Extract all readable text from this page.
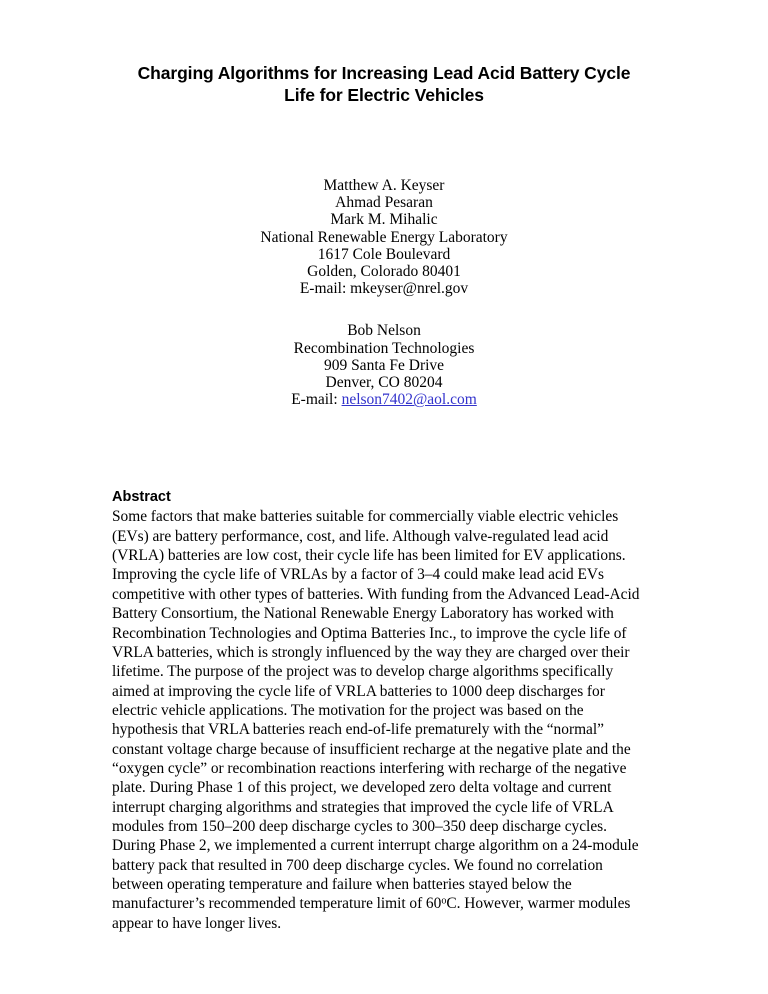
Charging Algorithms for Increasing Lead Acid Battery Cycle
Life for Electric Vehicles
Matthew A. Keyser
Ahmad Pesaran
Mark M. Mihalic
National Renewable Energy Laboratory
1617 Cole Boulevard
Golden, Colorado 80401
E-mail: mkeyser@nrel.gov
Bob Nelson
Recombination Technologies
909 Santa Fe Drive
Denver, CO 80204
E-mail: nelson7402@aol.com
Abstract

Some factors that make batteries suitable for commercially viable electric vehicles (EVs) are battery performance, cost, and life. Although valve-regulated lead acid (VRLA) batteries are low cost, their cycle life has been limited for EV applications. Improving the cycle life of VRLAs by a factor of 3–4 could make lead acid EVs competitive with other types of batteries. With funding from the Advanced Lead-Acid Battery Consortium, the National Renewable Energy Laboratory has worked with Recombination Technologies and Optima Batteries Inc., to improve the cycle life of VRLA batteries, which is strongly influenced by the way they are charged over their lifetime. The purpose of the project was to develop charge algorithms specifically aimed at improving the cycle life of VRLA batteries to 1000 deep discharges for electric vehicle applications. The motivation for the project was based on the hypothesis that VRLA batteries reach end-of-life prematurely with the “normal” constant voltage charge because of insufficient recharge at the negative plate and the “oxygen cycle” or recombination reactions interfering with recharge of the negative plate. During Phase 1 of this project, we developed zero delta voltage and current interrupt charging algorithms and strategies that improved the cycle life of VRLA modules from 150–200 deep discharge cycles to 300–350 deep discharge cycles. During Phase 2, we implemented a current interrupt charge algorithm on a 24-module battery pack that resulted in 700 deep discharge cycles. We found no correlation between operating temperature and failure when batteries stayed below the manufacturer’s recommended temperature limit of 60$^o$C. However, warmer modules appear to have longer lives.
